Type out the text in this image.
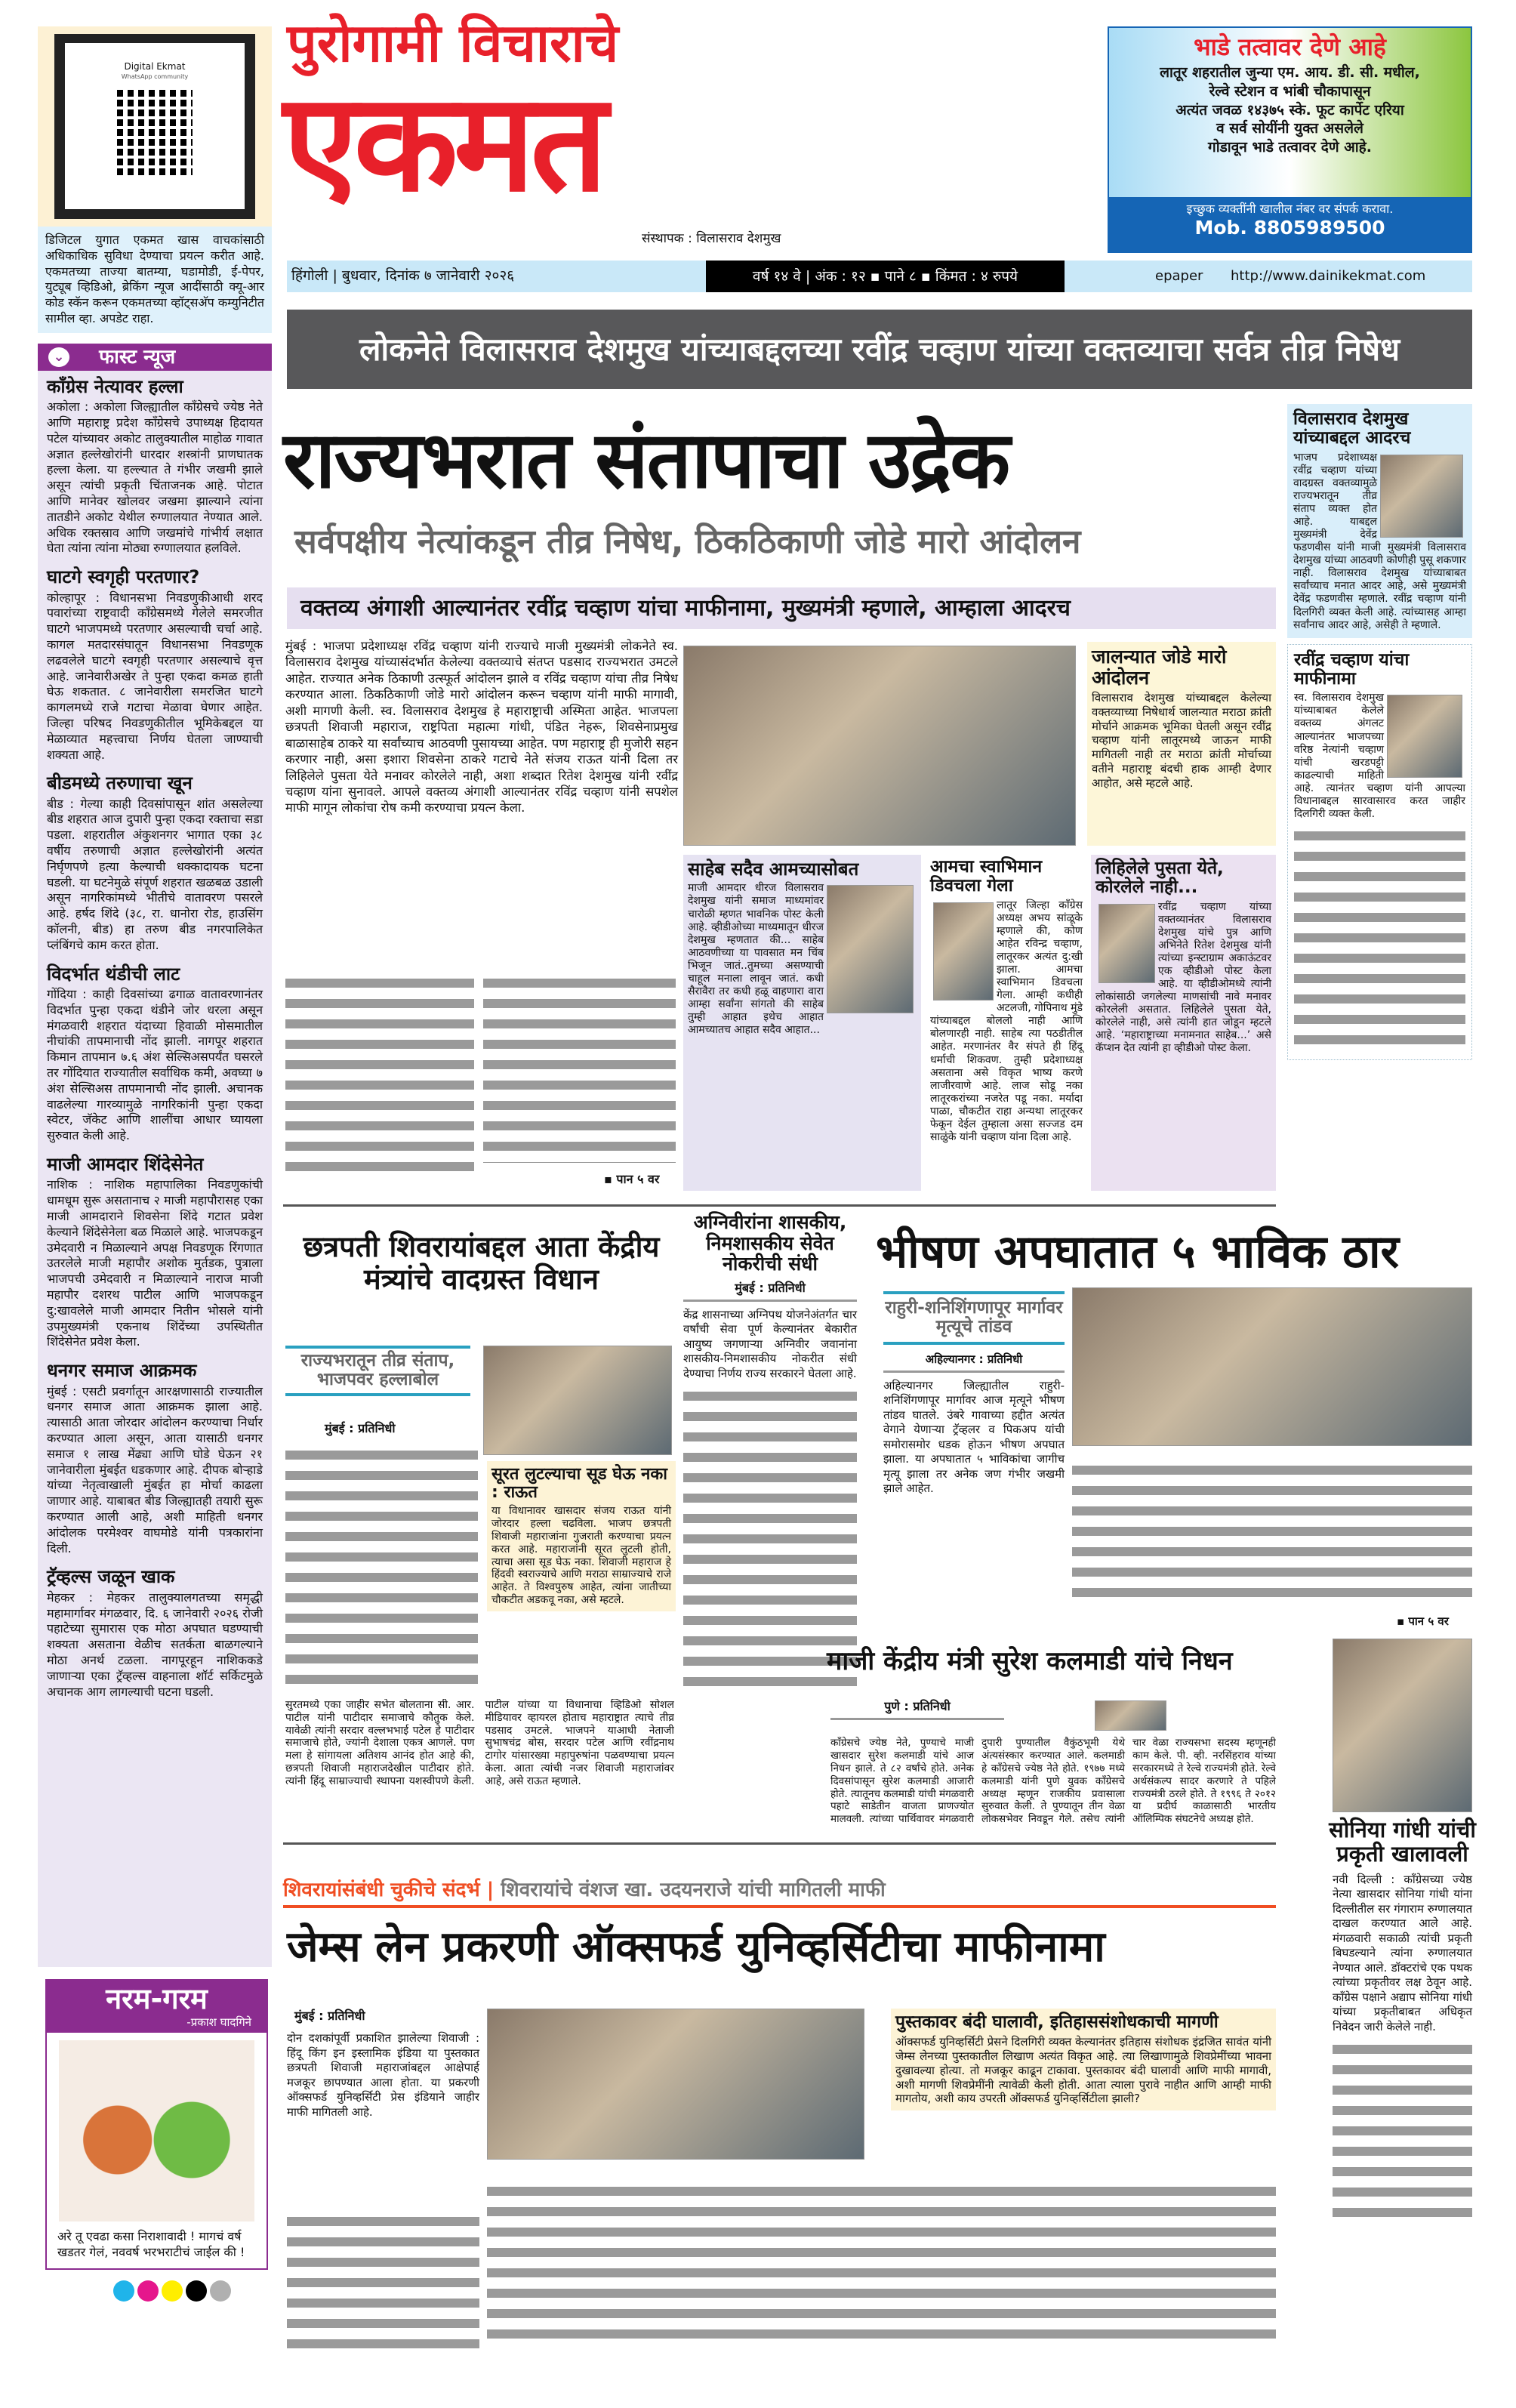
Digital Ekmat
WhatsApp community
डिजिटल युगात एकमत खास वाचकांसाठी अधिकाधिक सुविधा देण्याचा प्रयत्न करीत आहे. एकमतच्या ताज्या बातम्या, घडामोडी, ई-पेपर, युट्यूब व्हिडिओ, ब्रेकिंग न्यूज आदींसाठी क्यू-आर कोड स्कॅन करून एकमतच्या व्हॉट्सअ‍ॅप कम्युनिटीत सामील व्हा. अपडेट राहा.
⌄ फास्ट न्यूज
काँग्रेस नेत्यावर हल्ला
अकोला : अकोला जिल्ह्यातील काँग्रेसचे ज्येष्ठ नेते आणि महाराष्ट्र प्रदेश काँग्रेसचे उपाध्यक्ष हिदायत पटेल यांच्यावर अकोट तालुक्यातील माहोळ गावात अज्ञात हल्लेखोरांनी धारदार शस्त्रांनी प्राणघातक हल्ला केला. या हल्ल्यात ते गंभीर जखमी झाले असून त्यांची प्रकृती चिंताजनक आहे. पोटात आणि मानेवर खोलवर जखमा झाल्याने त्यांना तातडीने अकोट येथील रुग्णालयात नेण्यात आले. अधिक रक्तस्राव आणि जखमांचे गांभीर्य लक्षात घेता त्यांना त्यांना मोठ्या रुग्णालयात हलविले.
घाटगे स्वगृही परतणार?
कोल्हापूर : विधानसभा निवडणुकीआधी शरद पवारांच्या राष्ट्रवादी काँग्रेसमध्ये गेलेले समरजीत घाटगे भाजपमध्ये परतणार असल्याची चर्चा आहे. कागल मतदारसंघातून विधानसभा निवडणूक लढवलेले घाटगे स्वगृही परतणार असल्याचे वृत्त आहे. जानेवारीअखेर ते पुन्हा एकदा कमळ हाती घेऊ शकतात. ८ जानेवारीला समरजित घाटगे कागलमध्ये राजे गटाचा मेळावा घेणार आहेत. जिल्हा परिषद निवडणुकीतील भूमिकेबद्दल या मेळाव्यात महत्त्वाचा निर्णय घेतला जाण्याची शक्यता आहे.
बीडमध्ये तरुणाचा खून
बीड : गेल्या काही दिवसांपासून शांत असलेल्या बीड शहरात आज दुपारी पुन्हा एकदा रक्ताचा सडा पडला. शहरातील अंकुशनगर भागात एका ३८ वर्षीय तरुणाची अज्ञात हल्लेखोरांनी अत्यंत निर्घृणपणे हत्या केल्याची धक्कादायक घटना घडली. या घटनेमुळे संपूर्ण शहरात खळबळ उडाली असून नागरिकांमध्ये भीतीचे वातावरण पसरले आहे. हर्षद शिंदे (३८, रा. धानोरा रोड, हाउसिंग कॉलनी, बीड) हा तरुण बीड नगरपालिकेत प्लंबिंगचे काम करत होता.
विदर्भात थंडीची लाट
गोंदिया : काही दिवसांच्या ढगाळ वातावरणानंतर विदर्भात पुन्हा एकदा थंडीने जोर धरला असून मंगळवारी शहरात यंदाच्या हिवाळी मोसमातील नीचांकी तापमानाची नोंद झाली. नागपूर शहरात किमान तापमान ७.६ अंश सेल्सिअसपर्यंत घसरले तर गोंदियात राज्यातील सर्वाधिक कमी, अवघ्या ७ अंश सेल्सिअस तापमानाची नोंद झाली. अचानक वाढलेल्या गारव्यामुळे नागरिकांनी पुन्हा एकदा स्वेटर, जॅकेट आणि शालींचा आधार घ्यायला सुरुवात केली आहे.
माजी आमदार शिंदेसेनेत
नाशिक : नाशिक महापालिका निवडणुकांची धामधूम सुरू असतानाच २ माजी महापौरासह एका माजी आमदाराने शिवसेना शिंदे गटात प्रवेश केल्याने शिंदेसेनेला बळ मिळाले आहे. भाजपकडून उमेदवारी न मिळाल्याने अपक्ष निवडणूक रिंगणात उतरलेले माजी महापौर अशोक मुर्तडक, पुत्राला भाजपची उमेदवारी न मिळाल्याने नाराज माजी महापौर दशरथ पाटील आणि भाजपकडून दु:खावलेले माजी आमदार नितीन भोसले यांनी उपमुख्यमंत्री एकनाथ शिंदेंच्या उपस्थितीत शिंदेसेनेत प्रवेश केला.
धनगर समाज आक्रमक
मुंबई : एसटी प्रवर्गातून आरक्षणासाठी राज्यातील धनगर समाज आता आक्रमक झाला आहे. त्यासाठी आता जोरदार आंदोलन करण्याचा निर्धार करण्यात आला असून, आता यासाठी धनगर समाज १ लाख मेंढ्या आणि घोडे घेऊन २१ जानेवारीला मुंबईत धडकणार आहे. दीपक बोऱ्हाडे यांच्या नेतृत्वाखाली मुंबईत हा मोर्चा काढला जाणार आहे. याबाबत बीड जिल्ह्यातही तयारी सुरू करण्यात आली आहे, अशी माहिती धनगर आंदोलक परमेश्वर वाघमोडे यांनी पत्रकारांना दिली.
ट्रॅव्हल्स जळून खाक
मेहकर : मेहकर तालुक्यालगतच्या समृद्धी महामार्गावर मंगळवार, दि. ६ जानेवारी २०२६ रोजी पहाटेच्या सुमारास एक मोठा अपघात घडण्याची शक्यता असताना वेळीच सतर्कता बाळगल्याने मोठा अनर्थ टळला. नागपूरहून नाशिककडे जाणाऱ्या एका ट्रॅव्हल्स वाहनाला शॉर्ट सर्किटमुळे अचानक आग लागल्याची घटना घडली.
नरम-गरम
-प्रकाश घादगिने
अरे तू एवढा कसा निराशावादी ! मागचं वर्ष खडतर गेलं, नववर्ष भरभराटीचं जाईल की !
पुरोगामी विचाराचे
एकमत
संस्थापक : विलासराव देशमुख
भाडे तत्वावर देणे आहे
लातूर शहरातील जुन्या एम. आय. डी. सी. मधील,
रेल्वे स्टेशन व भांबी चौकापासून
अत्यंत जवळ १४३७५ स्के. फूट कार्पेट एरिया
व सर्व सोयींनी युक्त असलेले
गोडावून भाडे तत्वावर देणे आहे.
इच्छुक व्यक्तींनी खालील नंबर वर संपर्क करावा.
Mob. 8805989500
हिंगोली | बुधवार, दिनांक ७ जानेवारी २०२६	वर्ष १४ वे | अंक : १२ ▪ पाने ८ ▪ किंमत : ४ रुपये	epaper http://www.dainikekmat.com
लोकनेते विलासराव देशमुख यांच्याबद्दलच्या रवींद्र चव्हाण यांच्या वक्तव्याचा सर्वत्र तीव्र निषेध
राज्यभरात संतापाचा उद्रेक
सर्वपक्षीय नेत्यांकडून तीव्र निषेध, ठिकठिकाणी जोडे मारो आंदोलन
वक्तव्य अंगाशी आल्यानंतर रवींद्र चव्हाण यांचा माफीनामा, मुख्यमंत्री म्हणाले, आम्हाला आदरच
मुंबई : भाजपा प्रदेशाध्यक्ष रविंद्र चव्हाण यांनी राज्याचे माजी मुख्यमंत्री लोकनेते स्व. विलासराव देशमुख यांच्यासंदर्भात केलेल्या वक्तव्याचे संतप्त पडसाद राज्यभरात उमटले आहेत. राज्यात अनेक ठिकाणी उत्स्फूर्त आंदोलन झाले व रविंद्र चव्हाण यांचा तीव्र निषेध करण्यात आला. ठिकठिकाणी जोडे मारो आंदोलन करून चव्हाण यांनी माफी मागावी, अशी मागणी केली. स्व. विलासराव देशमुख हे महाराष्ट्राची अस्मिता आहेत. भाजपला छत्रपती शिवाजी महाराज, राष्ट्रपिता महात्मा गांधी, पंडित नेहरू, शिवसेनाप्रमुख बाळासाहेब ठाकरे या सर्वांच्याच आठवणी पुसायच्या आहेत. पण महाराष्ट्र ही मुजोरी सहन करणार नाही, असा इशारा शिवसेना ठाकरे गटाचे नेते संजय राऊत यांनी दिला तर लिहिलेले पुसता येते मनावर कोरलेले नाही, अशा शब्दात रितेश देशमुख यांनी रवींद्र चव्हाण यांना सुनावले. आपले वक्तव्य अंगाशी आल्यानंतर रविंद्र चव्हाण यांनी सपशेल माफी मागून लोकांचा रोष कमी करण्याचा प्रयत्न केला.
जालन्यात जोडे मारो आंदोलन
विलासराव देशमुख यांच्याबद्दल केलेल्या वक्तव्याच्या निषेधार्थ जालन्यात मराठा क्रांती मोर्चाने आक्रमक भूमिका घेतली असून रवींद्र चव्हाण यांनी लातूरमध्ये जाऊन माफी मागितली नाही तर मराठा क्रांती मोर्चाच्या वतीने महाराष्ट्र बंदची हाक आम्ही देणार आहोत, असे म्हटले आहे.
▪ पान ५ वर
साहेब सदैव आमच्यासोबत
माजी आमदार धीरज विलासराव देशमुख यांनी समाज माध्यमांवर चारोळी म्हणत भावनिक पोस्ट केली आहे. व्हीडीओच्या माध्यमातून धीरज देशमुख म्हणतात की... साहेब आठवणीच्या या पावसात मन चिंब भिजून जातं..तुमच्या असण्याची चाहूल मनाला लावून जातं. कधी सैरावैरा तर कधी हळू वाहणारा वारा आम्हा सर्वांना सांगतो की साहेब तुम्ही आहात इथेच आहात आमच्यातच आहात सदैव आहात...
आमचा स्वाभिमान डिवचला गेला
लातूर जिल्हा काँग्रेस अध्यक्ष अभय सांळूके म्हणाले की, कोण आहेत रविन्द्र चव्हाण, लातूरकर अत्यंत दु:खी झाला. आमचा स्वाभिमान डिवचला गेला. आम्ही कधीही अटलजी, गोपिनाथ मुंडे यांच्याबद्दल बोललो नाही आणि बोलणारही नाही. साहेब त्या पठडीतील आहेत. मरणानंतर वैर संपते ही हिंदू धर्माची शिकवण. तुम्ही प्रदेशाध्यक्ष असताना असे विकृत भाष्य करणे लाजीरवाणे आहे. लाज सोडू नका लातूरकरांच्या नजरेत पडू नका. मर्यादा पाळा, चौकटीत राहा अन्यथा लातूरकर फेकून देईल तुम्हाला असा सज्जड दम साळुंके यांनी चव्हाण यांना दिला आहे.
लिहिलेले पुसता येते, कोरलेले नाही...
रवींद्र चव्हाण यांच्या वक्तव्यानंतर विलासराव देशमुख यांचे पुत्र आणि अभिनेते रितेश देशमुख यांनी त्यांच्या इन्स्टाग्राम अकाऊंटवर एक व्हीडीओ पोस्ट केला आहे. या व्हीडीओमध्ये त्यांनी लोकांसाठी जगलेल्या माणसांची नावे मनावर कोरलेली असतात. लिहिलेले पुसता येते, कोरलेले नाही, असे त्यांनी हात जोडून म्हटले आहे. ‘महाराष्ट्राच्या मनामनात साहेब...’ असे कॅप्शन देत त्यांनी हा व्हीडीओ पोस्ट केला.
विलासराव देशमुख यांच्याबद्दल आदरच
भाजप प्रदेशाध्यक्ष रवींद्र चव्हाण यांच्या वादग्रस्त वक्तव्यामुळे राज्यभरातून तीव्र संताप व्यक्त होत आहे. याबद्दल मुख्यमंत्री देवेंद्र फडणवीस यांनी माजी मुख्यमंत्री विलासराव देशमुख यांच्या आठवणी कोणीही पुसू शकणार नाही. विलासराव देशमुख यांच्याबाबत सर्वांच्याच मनात आदर आहे, असे मुख्यमंत्री देवेंद्र फडणवीस म्हणाले. रवींद्र चव्हाण यांनी दिलगिरी व्यक्त केली आहे. त्यांच्यासह आम्हा सर्वांनाच आदर आहे, असेही ते म्हणाले.
रवींद्र चव्हाण यांचा माफीनामा
स्व. विलासराव देशमुख यांच्याबाबत केलेले वक्तव्य अंगलट आल्यानंतर भाजपच्या वरिष्ठ नेत्यांनी चव्हाण यांची खरडपट्टी काढल्याची माहिती आहे. त्यानंतर चव्हाण यांनी आपल्या विधानाबद्दल सारवासारव करत जाहीर दिलगिरी व्यक्त केली.
छत्रपती शिवरायांबद्दल आता केंद्रीय मंत्र्यांचे वादग्रस्त विधान
राज्यभरातून तीव्र संताप, भाजपवर हल्लाबोल
मुंबई : प्रतिनिधी
सूरत लुटल्याचा सूड घेऊ नका : राऊत
या विधानावर खासदार संजय राऊत यांनी जोरदार हल्ला चढविला. भाजप छत्रपती शिवाजी महाराजांना गुजराती करण्याचा प्रयत्न करत आहे. महाराजांनी सूरत लुटली होती, त्याचा असा सूड घेऊ नका. शिवाजी महाराज हे हिंदवी स्वराज्याचे आणि मराठा साम्राज्याचे राजे आहेत. ते विश्वपुरुष आहेत, त्यांना जातीच्या चौकटीत अडकवू नका, असे म्हटले.
सुरतमध्ये एका जाहीर सभेत बोलताना सी. आर. पाटील यांनी पाटीदार समाजाचे कौतुक केले. यावेळी त्यांनी सरदार वल्लभभाई पटेल हे पाटीदार समाजाचे होते, ज्यांनी देशाला एकत्र आणले. पण मला हे सांगायला अतिशय आनंद होत आहे की, छत्रपती शिवाजी महाराजदेखील पाटीदार होते. त्यांनी हिंदू साम्राज्याची स्थापना यशस्वीपणे केली. पाटील यांच्या या विधानाचा व्हिडिओ सोशल मीडियावर व्हायरल होताच महाराष्ट्रात त्याचे तीव्र पडसाद उमटले. भाजपने याआधी नेताजी सुभाषचंद्र बोस, सरदार पटेल आणि रवींद्रनाथ टागोर यांसारख्या महापुरुषांना पळवण्याचा प्रयत्न केला. आता त्यांची नजर शिवाजी महाराजांवर आहे, असे राऊत म्हणाले.
अग्निवीरांना शासकीय, निमशासकीय सेवेत नोकरीची संधी
मुंबई : प्रतिनिधी
केंद्र शासनाच्या अग्निपथ योजनेअंतर्गत चार वर्षांची सेवा पूर्ण केल्यानंतर बेकारीत आयुष्य जगणाऱ्या अग्निवीर जवानांना शासकीय-निमशासकीय नोकरीत संधी देण्याचा निर्णय राज्य सरकारने घेतला आहे.
भीषण अपघातात ५ भाविक ठार
राहुरी-शनिशिंगणापूर मार्गावर मृत्यूचे तांडव
अहिल्यानगर : प्रतिनिधी
अहिल्यानगर जिल्ह्यातील राहुरी-शनिशिंगणापूर मार्गावर आज मृत्यूने भीषण तांडव घातले. उंबरे गावाच्या हद्दीत अत्यंत वेगाने येणाऱ्या ट्रॅव्हलर व पिकअप यांची समोरासमोर धडक होऊन भीषण अपघात झाला. या अपघातात ५ भाविकांचा जागीच मृत्यू झाला तर अनेक जण गंभीर जखमी झाले आहेत.
▪ पान ५ वर
माजी केंद्रीय मंत्री सुरेश कलमाडी यांचे निधन
पुणे : प्रतिनिधी
काँग्रेसचे ज्येष्ठ नेते, पुण्याचे माजी खासदार सुरेश कलमाडी यांचे आज निधन झाले. ते ८२ वर्षांचे होते. अनेक दिवसांपासून सुरेश कलमाडी आजारी होते. त्यातूनच कलमाडी यांची मंगळवारी पहाटे साडेतीन वाजता प्राणज्योत मालवली. त्यांच्या पार्थिवावर मंगळवारी दुपारी पुण्यातील वैकुंठभूमी येथे अंत्यसंस्कार करण्यात आले. कलमाडी हे काँग्रेसचे ज्येष्ठ नेते होते. १९७७ मध्ये कलमाडी यांनी पुणे युवक काँग्रेसचे अध्यक्ष म्हणून राजकीय प्रवासाला सुरुवात केली. ते पुण्यातून तीन वेळा लोकसभेवर निवडून गेले. तसेच त्यांनी चार वेळा राज्यसभा सदस्य म्हणूनही काम केले. पी. व्ही. नरसिंहराव यांच्या सरकारमध्ये ते रेल्वे राज्यमंत्री होते. रेल्वे अर्थसंकल्प सादर करणारे ते पहिले राज्यमंत्री ठरले होते. ते १९९६ ते २०१२ या प्रदीर्घ काळासाठी भारतीय ऑलिम्पिक संघटनेचे अध्यक्ष होते.	सोनिया गांधी यांची प्रकृती खालावली
नवी दिल्ली : काँग्रेसच्या ज्येष्ठ नेत्या खासदार सोनिया गांधी यांना दिल्लीतील सर गंगाराम रुग्णालयात दाखल करण्यात आले आहे. मंगळवारी सकाळी त्यांची प्रकृती बिघडल्याने त्यांना रुग्णालयात नेण्यात आले. डॉक्टरांचे एक पथक त्यांच्या प्रकृतीवर लक्ष ठेवून आहे. काँग्रेस पक्षाने अद्याप सोनिया गांधी यांच्या प्रकृतीबाबत अधिकृत निवेदन जारी केलेले नाही.
शिवरायांसंबंधी चुकीचे संदर्भ | शिवरायांचे वंशज खा. उदयनराजे यांची मागितली माफी
जेम्स लेन प्रकरणी ऑक्सफर्ड युनिव्हर्सिटीचा माफीनामा
मुंबई : प्रतिनिधी
दोन दशकांपूर्वी प्रकाशित झालेल्या शिवाजी : हिंदू किंग इन इस्लामिक इंडिया या पुस्तकात छत्रपती शिवाजी महाराजांबद्दल आक्षेपार्ह मजकूर छापण्यात आला होता. या प्रकरणी ऑक्सफर्ड युनिव्हर्सिटी प्रेस इंडियाने जाहीर माफी मागितली आहे.
पुस्तकावर बंदी घालावी, इतिहाससंशोधकाची मागणी
ऑक्सफर्ड युनिव्हर्सिटी प्रेसने दिलगिरी व्यक्त केल्यानंतर इतिहास संशोधक इंद्रजित सावंत यांनी जेम्स लेनच्या पुस्तकातील लिखाण अत्यंत विकृत आहे. त्या लिखाणामुळे शिवप्रेमींच्या भावना दुखावल्या होत्या. तो मजकूर काढून टाकावा. पुस्तकावर बंदी घालावी आणि माफी मागावी, अशी मागणी शिवप्रेमींनी त्यावेळी केली होती. आता त्याला पुरावे नाहीत आणि आम्ही माफी मागतोय, अशी काय उपरती ऑक्सफर्ड युनिव्हर्सिटीला झाली?
